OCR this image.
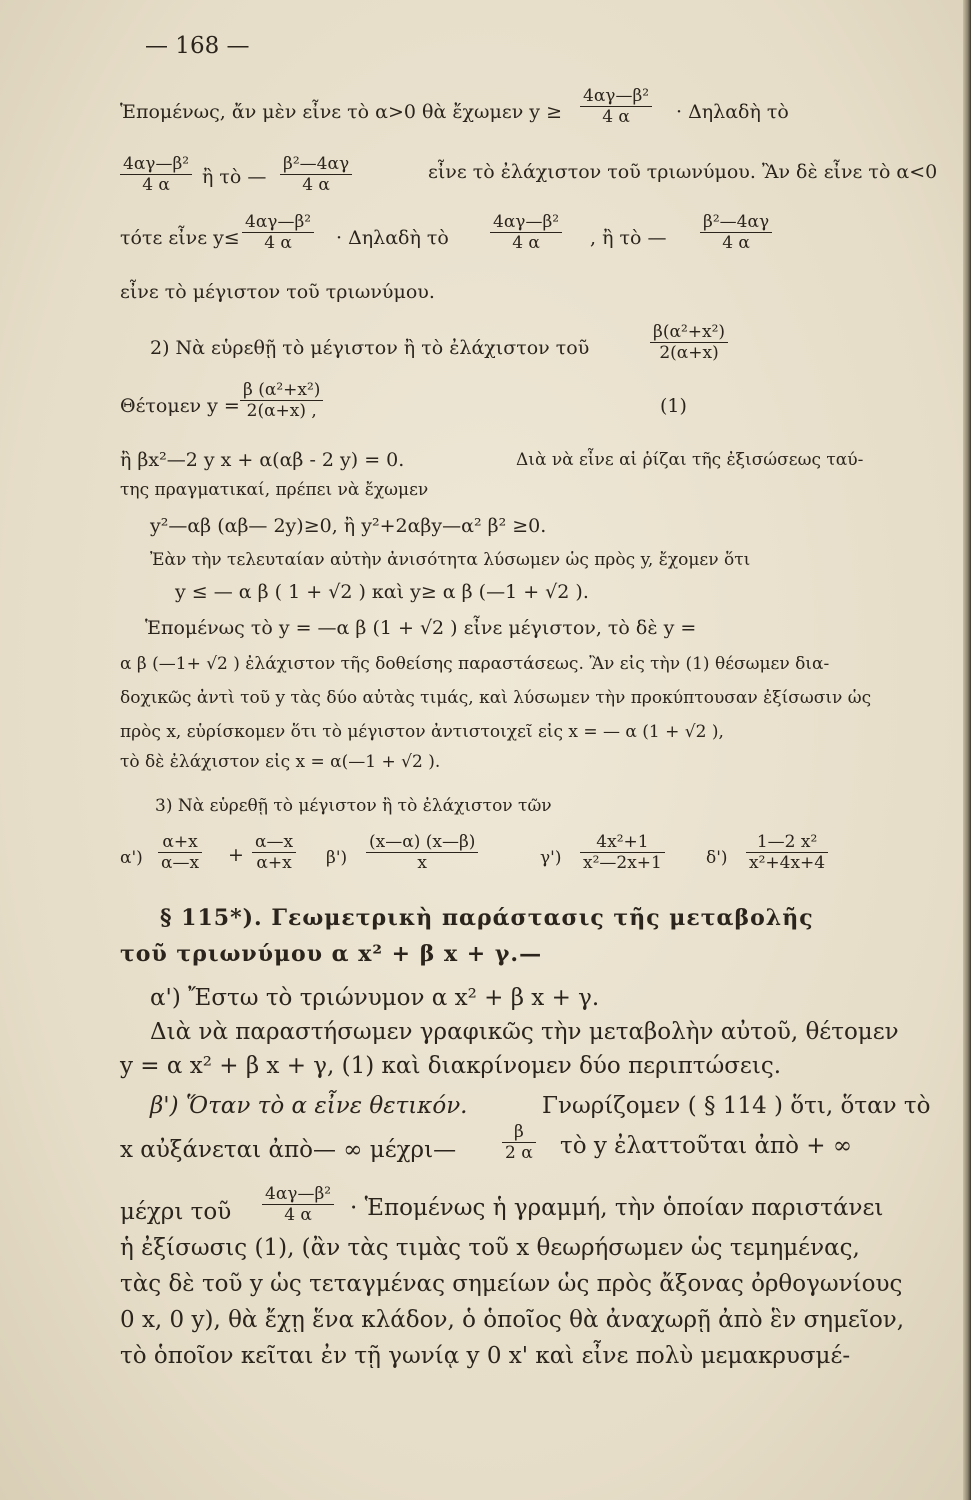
— 168 —
Ἑπομένως, ἄν μὲν εἶνε τὸ α>0 θὰ ἔχωμεν $y \ge \frac{\text{4αγ—β²}}{4 \alpha}$ · Δηλαδὴ τὸ
$\frac{\text{4αγ—β²}}{4 \alpha}$ ἢ τὸ — $\frac{\text{β²—4αγ}}{4 \alpha}$	εἶνε τὸ ἐλάχιστον τοῦ τριωνύμου. Ἂν δὲ εἶνε τὸ α<0
τότε εἶνε $y\le \frac{\text{4αγ—β²}}{4 \alpha}$ · Δηλαδὴ τὸ $\frac{\text{4αγ—β²}}{4 \alpha}$ , ἢ τὸ — $\frac{\text{β²—4αγ}}{4 \alpha}$
εἶνε τὸ μέγιστον τοῦ τριωνύμου.
2) Νὰ εὑρεθῇ τὸ μέγιστον ἢ τὸ ἐλάχιστον τοῦ	$\frac{\text{β(α²+x²)}}{2(\alpha+x)}$
Θέτομεν $y = \frac{\text{β (α²+x²)}}{2(\alpha+x) ,}$	(1)
ἢ βx²—2 y x + α(αβ - 2 y) = 0.	Διὰ νὰ εἶνε αἱ ῥίζαι τῆς ἐξισώσεως ταύ-
της πραγματικαί, πρέπει νὰ ἔχωμεν
y²—αβ (αβ— 2y)≥0, ἢ y²+2αβy—α² β² ≥0.
Ἐὰν τὴν τελευταίαν αὐτὴν ἀνισότητα λύσωμεν ὡς πρὸς y, ἔχομεν ὅτι
y ≤ — α β ( 1 + √2 ) καὶ y≥ α β (—1 + √2 ).
Ἑπομένως τὸ y = —α β (1 + √2 ) εἶνε μέγιστον, τὸ δὲ y =
α β (—1+ √2 ) ἐλάχιστον τῆς δοθείσης παραστάσεως. Ἂν εἰς τὴν (1) θέσωμεν δια-
δοχικῶς ἀντὶ τοῦ y τὰς δύο αὐτὰς τιμάς, καὶ λύσωμεν τὴν προκύπτουσαν ἐξίσωσιν ὡς
πρὸς x, εὑρίσκομεν ὅτι τὸ μέγιστον ἀντιστοιχεῖ εἰς x = — α (1 + √2 ),
τὸ δὲ ἐλάχιστον εἰς x = α(—1 + √2 ).
3) Νὰ εὑρεθῇ τὸ μέγιστον ἢ τὸ ἐλάχιστον τῶν
$\alpha') \frac{\alpha+x}{\alpha—x} + \frac{\alpha—x}{\alpha+x} \beta') \frac{(x—\alpha) (x—\beta)}{x}$	$\gamma') \frac{\text{4x²+1}}{\text{x²—2x+1}} \delta') \frac{\text{1—2 x²}}{\text{x²+4x+4}}$
§ 115*). Γεωμετρικὴ παράστασις τῆς μεταβολῆς
τοῦ τριωνύμου α x² + β x + γ.—
α') Ἔστω τὸ τριώνυμον α x² + β x + γ.
Διὰ νὰ παραστήσωμεν γραφικῶς τὴν μεταβολὴν αὐτοῦ, θέτομεν
y = α x² + β x + γ, (1) καὶ διακρίνομεν δύο περιπτώσεις.
β') Ὅταν τὸ α εἶνε θετικόν.	Γνωρίζομεν ( § 114 ) ὅτι, ὅταν τὸ
x αὐξάνεται ἀπὸ— ∞ μέχρι—	$\frac{\beta}{2 \alpha}$ τὸ y ἐλαττοῦται ἀπὸ + ∞
μέχρι τοῦ $\frac{\text{4αγ—β²}}{4 \alpha}$ · Ἑπομένως ἡ γραμμή, τὴν ὁποίαν παριστάνει
ἡ ἐξίσωσις (1), (ἂν τὰς τιμὰς τοῦ x θεωρήσωμεν ὡς τεμημένας,
τὰς δὲ τοῦ y ὡς τεταγμένας σημείων ὡς πρὸς ἄξονας ὀρθογωνίους
0 x, 0 y), θὰ ἔχῃ ἕνα κλάδον, ὁ ὁποῖος θὰ ἀναχωρῇ ἀπὸ ἓν σημεῖον,
τὸ ὁποῖον κεῖται ἐν τῇ γωνίᾳ y 0 x' καὶ εἶνε πολὺ μεμακρυσμέ-
